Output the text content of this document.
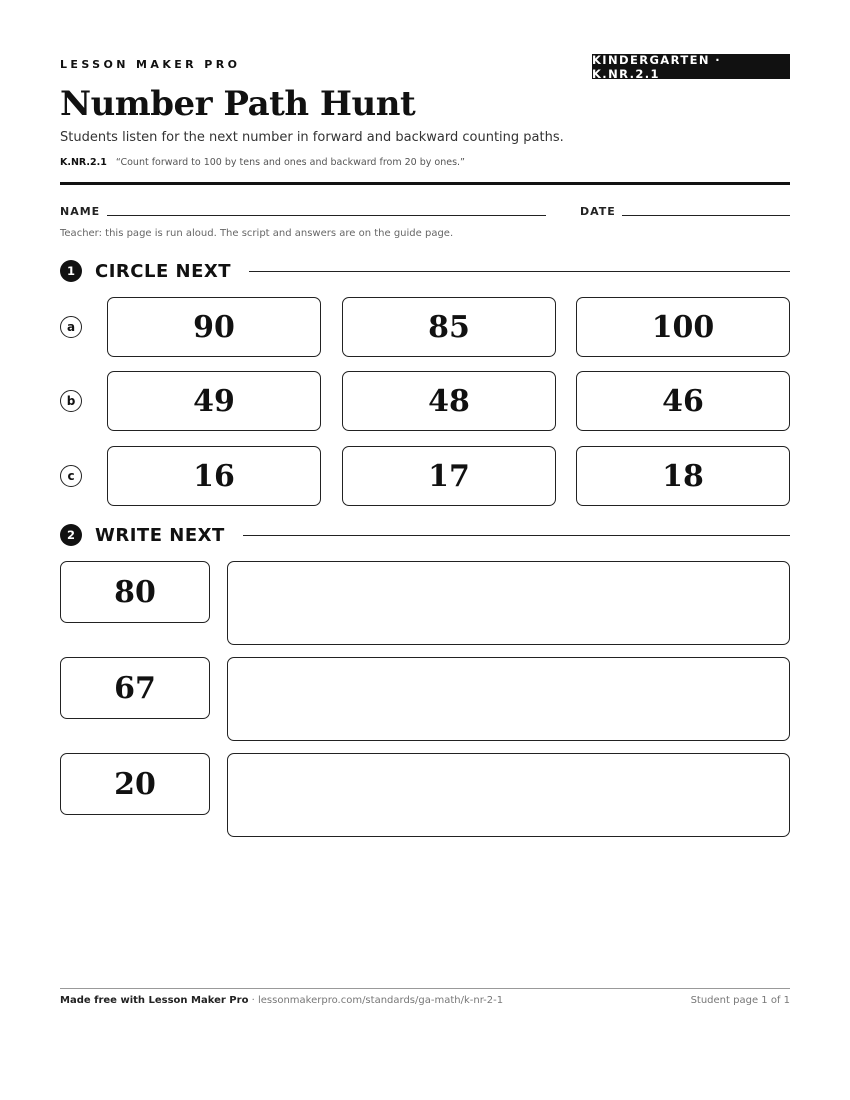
LESSON MAKER PRO	KINDERGARTEN · K.NR.2.1
Number Path Hunt
Students listen for the next number in forward and backward counting paths.
K.NR.2.1 “Count forward to 100 by tens and ones and backward from 20 by ones.”
NAME	DATE
Teacher: this page is run aloud. The script and answers are on the guide page.
1	CIRCLE NEXT
a	90	85	100
b	49	48	46
c	16	17	18
2	WRITE NEXT
80
67
20
Made free with Lesson Maker Pro · lessonmakerpro.com/standards/ga-math/k-nr-2-1	Student page 1 of 1
